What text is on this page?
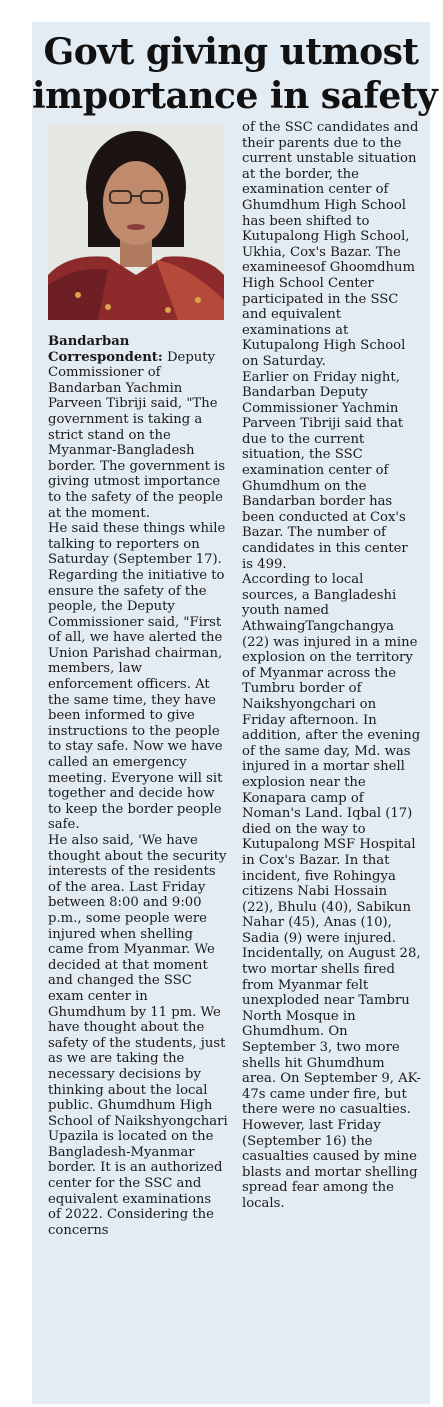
Govt giving utmost
importance in safety

Bandarban Correspondent: Deputy Commissioner of Bandarban Yachmin Parveen Tibriji said, "The government is taking a strict stand on the Myanmar-Bangladesh border. The government is giving utmost importance to the safety of the people at the moment.

He said these things while talking to reporters on Saturday (September 17). Regarding the initiative to ensure the safety of the people, the Deputy Commissioner said, "First of all, we have alerted the Union Parishad chairman, members, law enforcement officers. At the same time, they have been informed to give instructions to the people to stay safe. Now we have called an emergency meeting. Everyone will sit together and decide how to keep the border people safe.

He also said, 'We have thought about the security interests of the residents of the area. Last Friday between 8:00 and 9:00 p.m., some people were injured when shelling came from Myanmar. We decided at that moment and changed the SSC exam center in Ghumdhum by 11 pm. We have thought about the safety of the students, just as we are taking the necessary decisions by thinking about the local public. Ghumdhum High School of Naikshyongchari Upazila is located on the Bangladesh-Myanmar border. It is an authorized center for the SSC and equivalent examinations of 2022. Considering the concerns

of the SSC candidates and their parents due to the current unstable situation at the border, the examination center of Ghumdhum High School has been shifted to Kutupalong High School, Ukhia, Cox's Bazar. The examineesof Ghoomdhum High School Center participated in the SSC and equivalent examinations at Kutupalong High School on Saturday.

Earlier on Friday night, Bandarban Deputy Commissioner Yachmin Parveen Tibriji said that due to the current situation, the SSC examination center of Ghumdhum on the Bandarban border has been conducted at Cox's Bazar. The number of candidates in this center is 499.

According to local sources, a Bangladeshi youth named AthwaingTangchangya (22) was injured in a mine explosion on the territory of Myanmar across the Tumbru border of Naikshyongchari on Friday afternoon. In addition, after the evening of the same day, Md. was injured in a mortar shell explosion near the Konapara camp of Noman's Land. Iqbal (17) died on the way to Kutupalong MSF Hospital in Cox's Bazar. In that incident, five Rohingya citizens Nabi Hossain (22), Bhulu (40), Sabikun Nahar (45), Anas (10), Sadia (9) were injured.

Incidentally, on August 28, two mortar shells fired from Myanmar felt unexploded near Tambru North Mosque in Ghumdhum. On September 3, two more shells hit Ghumdhum area. On September 9, AK-47s came under fire, but there were no casualties. However, last Friday (September 16) the casualties caused by mine blasts and mortar shelling spread fear among the locals.
